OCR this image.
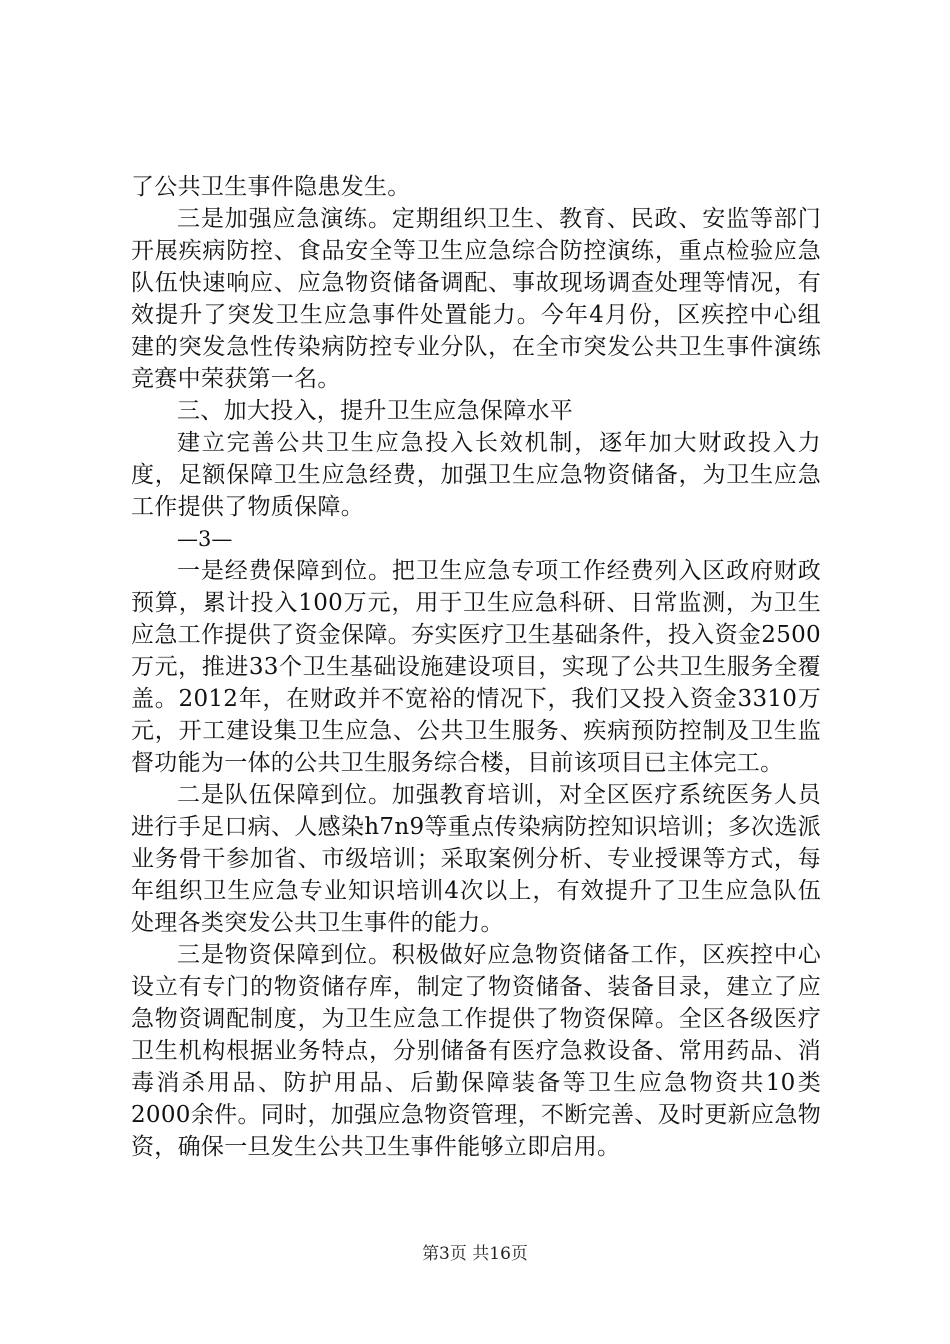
了公共卫生事件隐患发生。

三是加强应急演练。定期组织卫生、教育、民政、安监等部门开展疾病防控、食品安全等卫生应急综合防控演练，重点检验应急队伍快速响应、应急物资储备调配、事故现场调查处理等情况，有效提升了突发卫生应急事件处置能力。今年4月份，区疾控中心组建的突发急性传染病防控专业分队，在全市突发公共卫生事件演练竞赛中荣获第一名。

三、加大投入，提升卫生应急保障水平

建立完善公共卫生应急投入长效机制，逐年加大财政投入力度，足额保障卫生应急经费，加强卫生应急物资储备，为卫生应急工作提供了物质保障。

—3—

一是经费保障到位。把卫生应急专项工作经费列入区政府财政预算，累计投入100万元，用于卫生应急科研、日常监测，为卫生应急工作提供了资金保障。夯实医疗卫生基础条件，投入资金2500万元，推进33个卫生基础设施建设项目，实现了公共卫生服务全覆盖。2012年，在财政并不宽裕的情况下，我们又投入资金3310万元，开工建设集卫生应急、公共卫生服务、疾病预防控制及卫生监督功能为一体的公共卫生服务综合楼，目前该项目已主体完工。

二是队伍保障到位。加强教育培训，对全区医疗系统医务人员进行手足口病、人感染h7n9等重点传染病防控知识培训；多次选派业务骨干参加省、市级培训；采取案例分析、专业授课等方式，每年组织卫生应急专业知识培训4次以上，有效提升了卫生应急队伍处理各类突发公共卫生事件的能力。

三是物资保障到位。积极做好应急物资储备工作，区疾控中心设立有专门的物资储存库，制定了物资储备、装备目录，建立了应急物资调配制度，为卫生应急工作提供了物资保障。全区各级医疗卫生机构根据业务特点，分别储备有医疗急救设备、常用药品、消毒消杀用品、防护用品、后勤保障装备等卫生应急物资共10类2000余件。同时，加强应急物资管理，不断完善、及时更新应急物资，确保一旦发生公共卫生事件能够立即启用。

第3页 共16页
